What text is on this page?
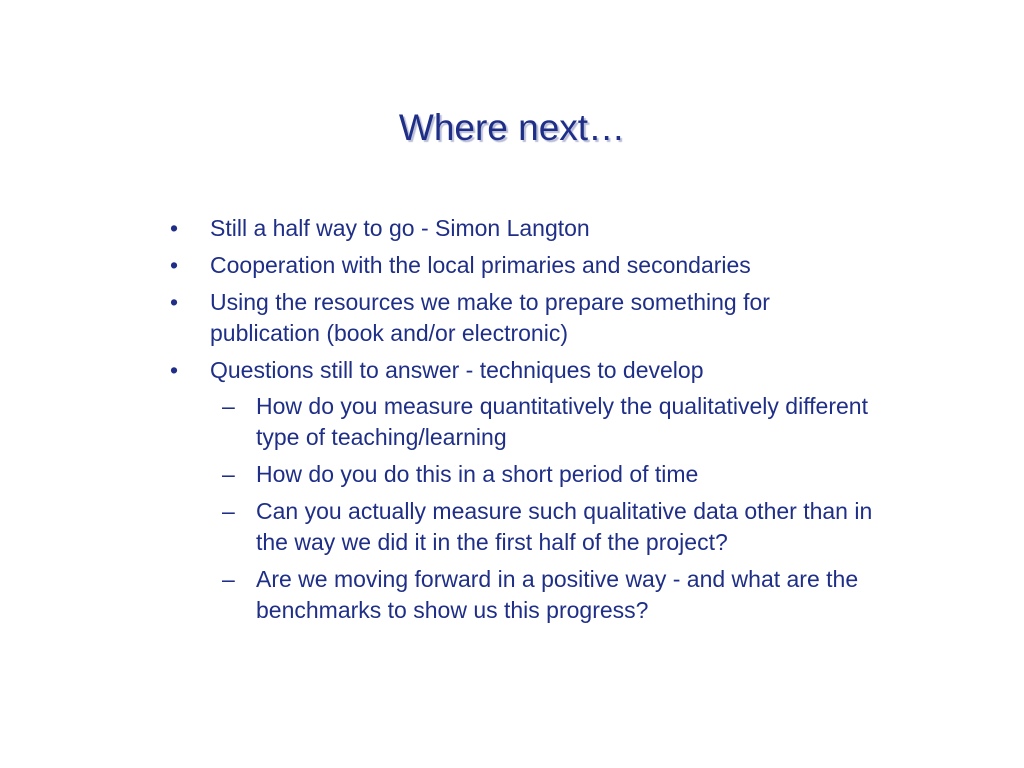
Where next…
• Still a half way to go - Simon Langton
• Cooperation with the local primaries and secondaries
• Using the resources we make to prepare something for publication (book and/or electronic)
• Questions still to answer - techniques to develop
– How do you measure quantitatively the qualitatively different type of teaching/learning
– How do you do this in a short period of time
– Can you actually measure such qualitative data other than in the way we did it in the first half of the project?
– Are we moving forward in a positive way - and what are the benchmarks to show us this progress?
